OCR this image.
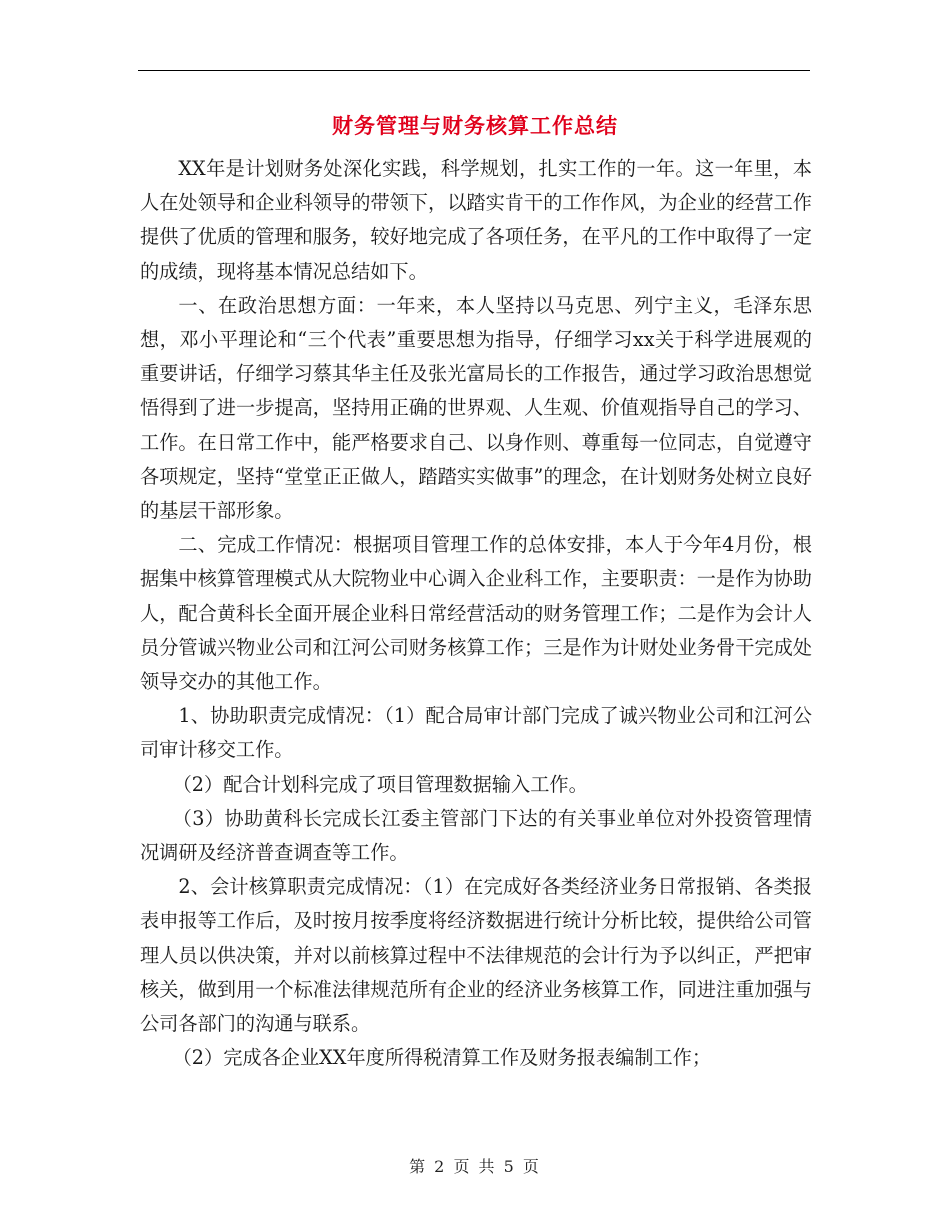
财务管理与财务核算工作总结

XX年是计划财务处深化实践，科学规划，扎实工作的一年。这一年里，本人在处领导和企业科领导的带领下，以踏实肯干的工作作风，为企业的经营工作提供了优质的管理和服务，较好地完成了各项任务，在平凡的工作中取得了一定的成绩，现将基本情况总结如下。

一、在政治思想方面：一年来，本人坚持以马克思、列宁主义，毛泽东思想，邓小平理论和“三个代表”重要思想为指导，仔细学习xx关于科学进展观的重要讲话，仔细学习蔡其华主任及张光富局长的工作报告，通过学习政治思想觉悟得到了进一步提高，坚持用正确的世界观、人生观、价值观指导自己的学习、工作。在日常工作中，能严格要求自己、以身作则、尊重每一位同志，自觉遵守各项规定，坚持“堂堂正正做人，踏踏实实做事”的理念，在计划财务处树立良好的基层干部形象。

二、完成工作情况：根据项目管理工作的总体安排，本人于今年4月份，根据集中核算管理模式从大院物业中心调入企业科工作，主要职责：一是作为协助人，配合黄科长全面开展企业科日常经营活动的财务管理工作；二是作为会计人员分管诚兴物业公司和江河公司财务核算工作；三是作为计财处业务骨干完成处领导交办的其他工作。

1、协助职责完成情况：（1）配合局审计部门完成了诚兴物业公司和江河公司审计移交工作。

（2）配合计划科完成了项目管理数据输入工作。

（3）协助黄科长完成长江委主管部门下达的有关事业单位对外投资管理情况调研及经济普查调查等工作。

2、会计核算职责完成情况：（1）在完成好各类经济业务日常报销、各类报表申报等工作后，及时按月按季度将经济数据进行统计分析比较，提供给公司管理人员以供决策，并对以前核算过程中不法律规范的会计行为予以纠正，严把审核关，做到用一个标准法律规范所有企业的经济业务核算工作，同进注重加强与公司各部门的沟通与联系。

（2）完成各企业XX年度所得税清算工作及财务报表编制工作；

第 2 页 共 5 页
